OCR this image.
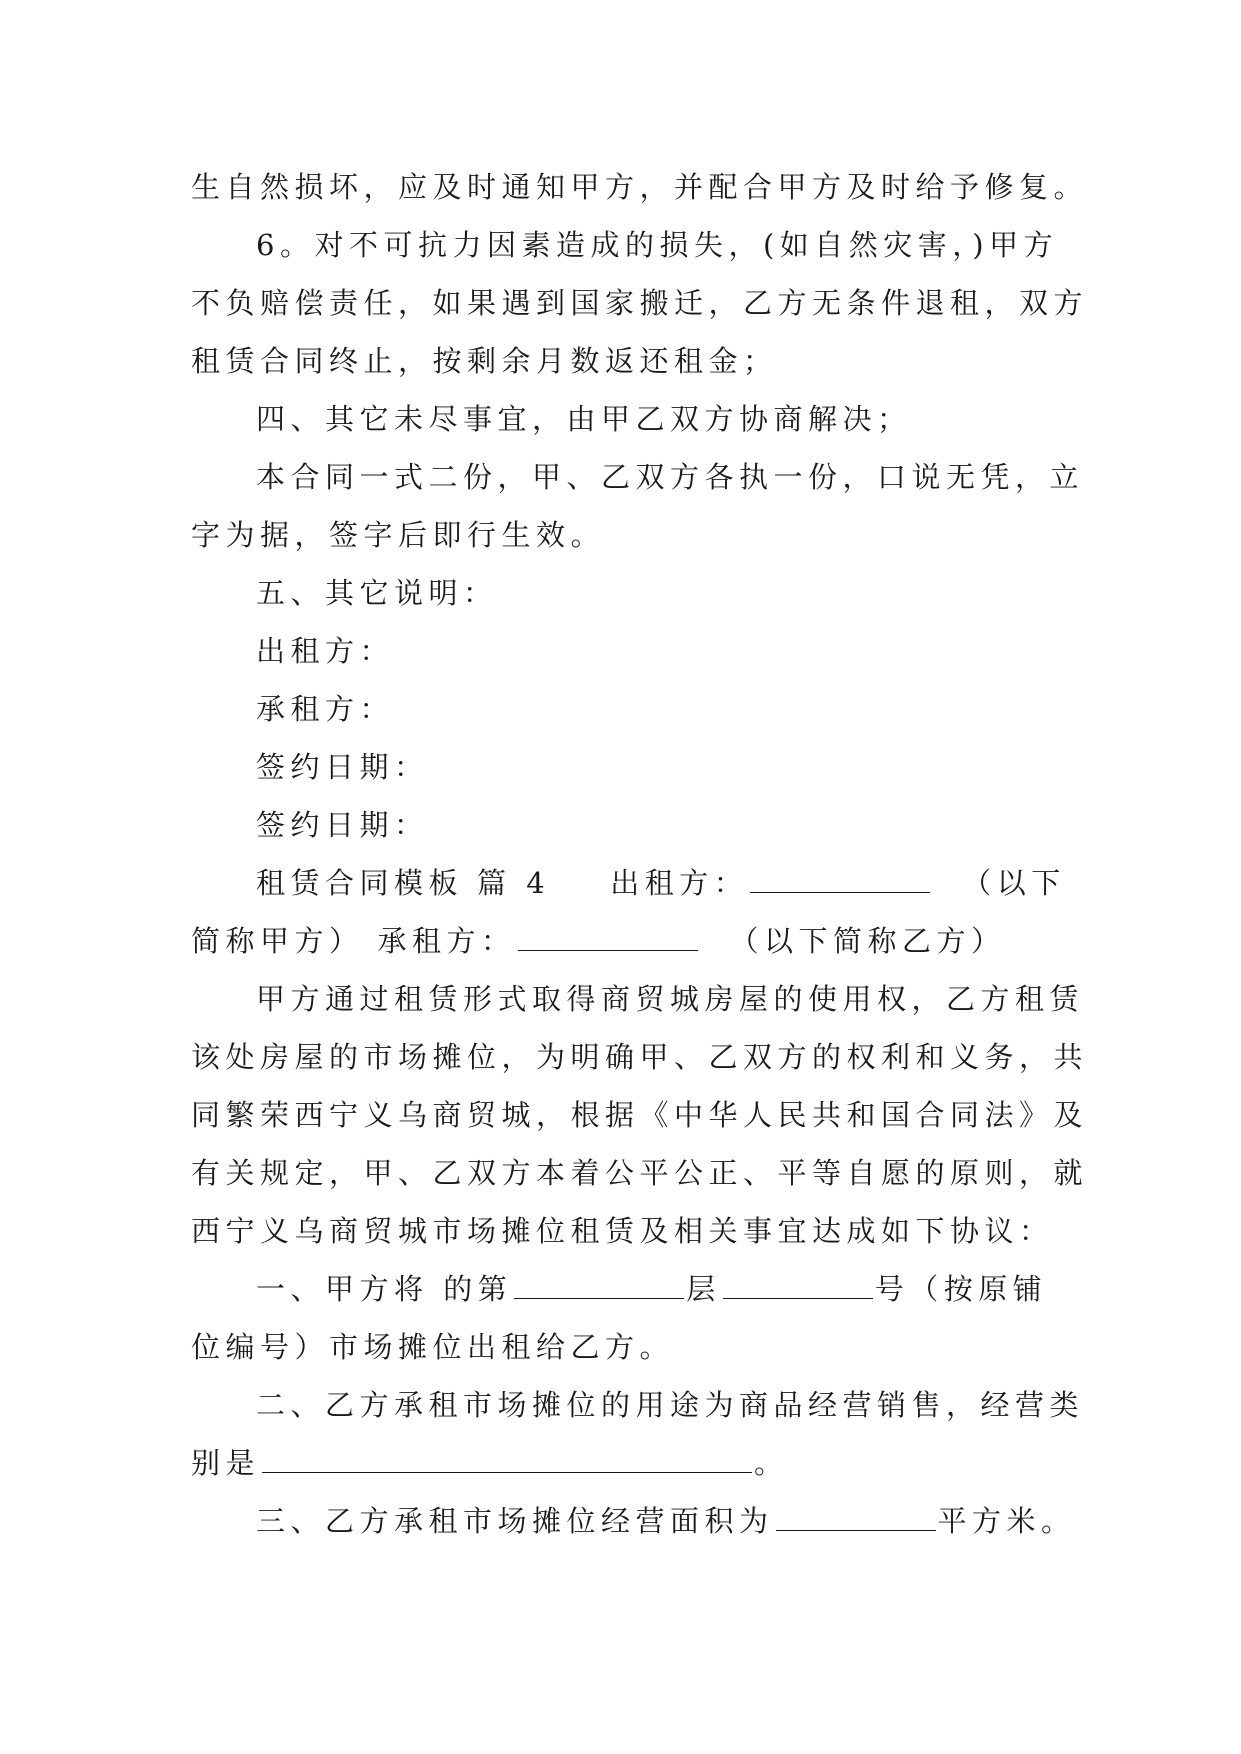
生自然损坏，应及时通知甲方，并配合甲方及时给予修复。
6。对不可抗力因素造成的损失，(如自然灾害，)甲方
不负赔偿责任，如果遇到国家搬迁，乙方无条件退租，双方
租赁合同终止，按剩余月数返还租金；
四、其它未尽事宜，由甲乙双方协商解决；
本合同一式二份，甲、乙双方各执一份，口说无凭，立
字为据，签字后即行生效。
五、其它说明：
出租方：
承租方：
签约日期：
签约日期：
租赁合同模板 篇 4 出租方：	（以下
简称甲方） 承租方：	（以下简称乙方）
甲方通过租赁形式取得商贸城房屋的使用权，乙方租赁
该处房屋的市场摊位，为明确甲、乙双方的权利和义务，共
同繁荣西宁义乌商贸城，根据《中华人民共和国合同法》及
有关规定，甲、乙双方本着公平公正、平等自愿的原则，就
西宁义乌商贸城市场摊位租赁及相关事宜达成如下协议：
一、甲方将 的第	层	号（按原铺
位编号）市场摊位出租给乙方。
二、乙方承租市场摊位的用途为商品经营销售，经营类
别是	。
三、乙方承租市场摊位经营面积为	平方米。
